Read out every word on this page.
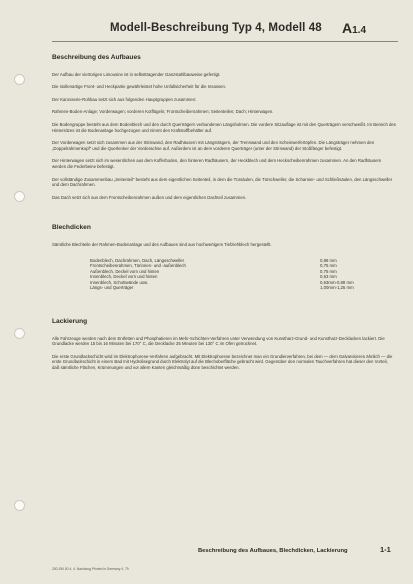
Modell-Beschreibung Typ 4, Modell 48 A1.4
Beschreibung des Aufbaues

Der Aufbau der viertürigen Limousine ist in selbsttragender Ganzstahlbauweise gefertigt.

Die stollenartige Front- und Heckpartie gewährleistet hohe Unfallsicherheit für die Insassen.

Der Karosserie-Rohbau setzt sich aus folgenden Hauptgruppen zusammen:

Rahmen-Boden-Anlage; Vorderwagen; vorderen Kotflügeln; Frontscheibenrahmen; Seitenteilen; Dach; Hinterwagen.

Die Bodengruppe besteht aus dem Bodenblech und den durch Querträgern verbundenen Längsholmen. Die vordere Sitzauflage ist mit den Querträgern verschweißt. Im Bereich des Hintersitzes ist die Bodenanlage hochgezogen und nimmt den Kraftstoffbehälter auf.

Der Vorderwagen setzt sich zusammen aus der Stirnwand, den Radhäusern mit Längsträgern, der Trennwand und den Scheinwerfertöpfen. Die Längsträger nehmen den „Doppelrahmenkopf“ und die Querlenker der Vorderachse auf. Außerdem ist an dem vorderen Querträger (unter der Stirnwand) der Stoßfänger befestigt.

Der Hinterwagen setzt sich im wesentlichen aus dem Kofferboden, den hinteren Radhäusern, der Heckblech und dem Heckscheibenrahmen zusammen. An den Radhäusern werden die Federbeine befestigt.

Der vollständige Zusammenbau „Seitenteil“ besteht aus dem eigentlichen Seitenteil, in dem die Türsäulen, die Türschweller, die Scharnier- und Schließsäulen, den Längsschweller und dem Dachrahmen.

Das Dach setzt sich aus dem Frontscheibenrahmen außen und dem eigentlichen Dachteil zusammen.

Blechdicken

Sämtliche Blechteile der Rahmen-Bodenanlage und des Aufbaues sind aus hochwertigem Tiefziehblech hergestellt.

Bodenblech, Dachrahmen, Dach, Längsschweller	0,88 mm
Frontscheibenrahmen, Türinnen- und -außenblech	0,75 mm
Außenblech, Deckel vorn und hinten	0,75 mm
Innenblech, Deckel vorn und hinten	0,63 mm
Innenblech, Schottwände usw.	0,63mm-0,88 mm
Längs- und Querträger	1,00mm-1,25 mm
Lackierung

Alle Fahrzeuge werden nach dem Entfetten und Phosphatieren im Mehr-Schichten-Verfahren unter Verwendung von Kunstharz-Grund- und Kunstharz-Decklacken lackiert. Die Grundlacke werden 15 bis 16 Minuten bei 170° C, die Decklacke 25 Minuten bei 130° C im Ofen getrocknet.

Die erste Grundlackschicht wird im Elektrophorese-Verfahren aufgebracht. Mit Elektrophorese bezeichnet man ein Grundierverfahren, bei dem — dem Galvanisieren ähnlich — die erste Grundlackschicht in einem Bad mit Hydrolisegrund durch Elektrolyt auf die Blechoberfläche gebracht wird. Gegenüber den normalen Tauchverfahren hat dieser den Vorteil, daß sämtliche Flächen, Krümmungen und vor allem Kanten gleichmäßig dünn beschichtet werden.

Beschreibung des Aufbaues, Blechdicken, Lackierung	1-1
200.190.00 4. 4. Nachdrug Printed in Germany 4. 79
